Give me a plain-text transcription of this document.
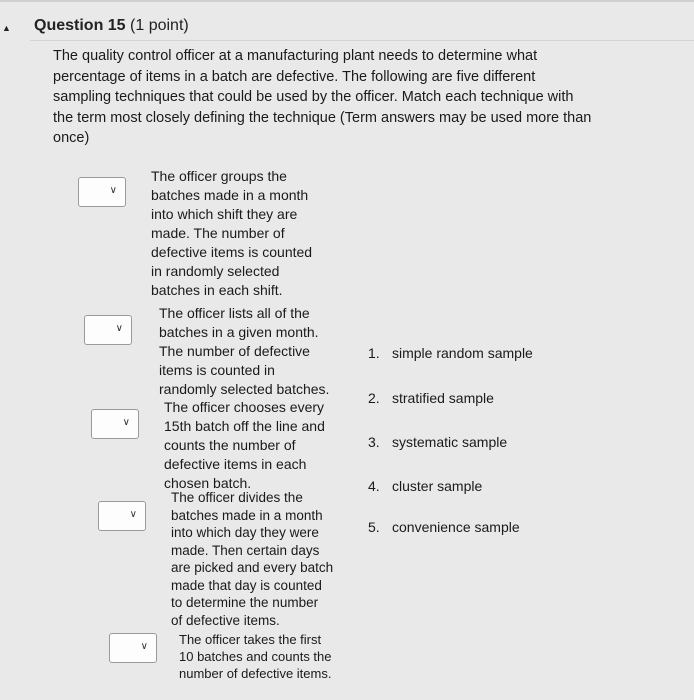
▲ Question 15 (1 point)
The quality control officer at a manufacturing plant needs to determine what
percentage of items in a batch are defective. The following are five different
sampling techniques that could be used by the officer. Match each technique with
the term most closely defining the technique (Term answers may be used more than
once)
∨
The officer groups the
batches made in a month
into which shift they are
made. The number of
defective items is counted
in randomly selected
batches in each shift.
∨
The officer lists all of the
batches in a given month.
The number of defective
items is counted in
randomly selected batches.
∨
The officer chooses every
15th batch off the line and
counts the number of
defective items in each
chosen batch.
∨
The officer divides the
batches made in a month
into which day they were
made. Then certain days
are picked and every batch
made that day is counted
to determine the number
of defective items.
∨ The officer takes the first
10 batches and counts the
number of defective items.
1. simple random sample
2. stratified sample
3. systematic sample
4. cluster sample
5. convenience sample
